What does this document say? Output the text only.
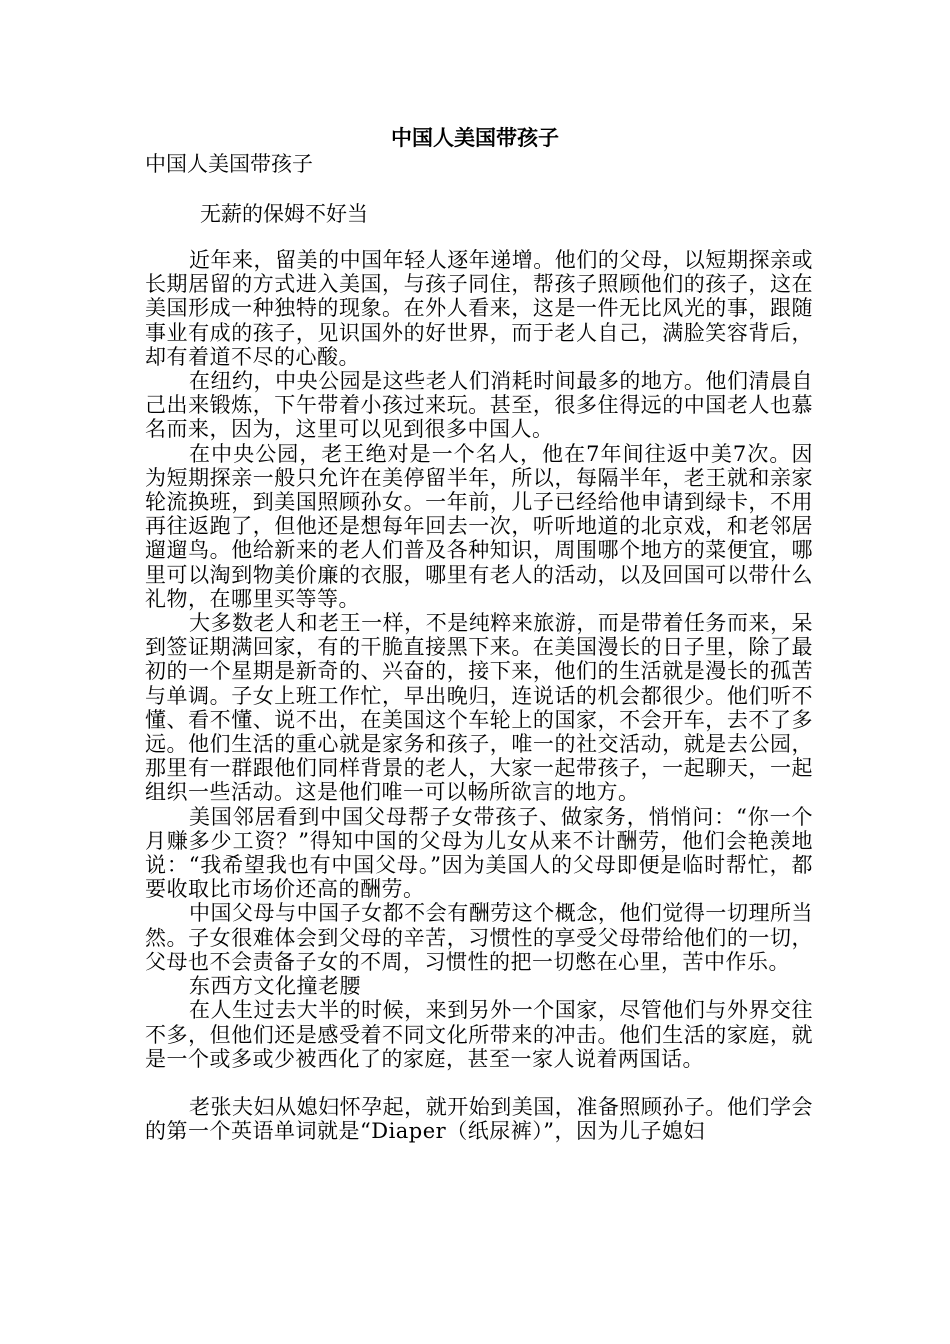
中国人美国带孩子
中国人美国带孩子
无薪的保姆不好当

近年来，留美的中国年轻人逐年递增。他们的父母，以短期探亲或长期居留的方式进入美国，与孩子同住，帮孩子照顾他们的孩子，这在美国形成一种独特的现象。在外人看来，这是一件无比风光的事，跟随事业有成的孩子，见识国外的好世界，而于老人自己，满脸笑容背后，却有着道不尽的心酸。

在纽约，中央公园是这些老人们消耗时间最多的地方。他们清晨自己出来锻炼，下午带着小孩过来玩。甚至，很多住得远的中国老人也慕名而来，因为，这里可以见到很多中国人。

在中央公园，老王绝对是一个名人，他在7年间往返中美7次。因为短期探亲一般只允许在美停留半年，所以，每隔半年，老王就和亲家轮流换班，到美国照顾孙女。一年前，儿子已经给他申请到绿卡，不用再往返跑了，但他还是想每年回去一次，听听地道的北京戏，和老邻居遛遛鸟。他给新来的老人们普及各种知识，周围哪个地方的菜便宜，哪里可以淘到物美价廉的衣服，哪里有老人的活动，以及回国可以带什么礼物，在哪里买等等。

大多数老人和老王一样，不是纯粹来旅游，而是带着任务而来，呆到签证期满回家，有的干脆直接黑下来。在美国漫长的日子里，除了最初的一个星期是新奇的、兴奋的，接下来，他们的生活就是漫长的孤苦与单调。子女上班工作忙，早出晚归，连说话的机会都很少。他们听不懂、看不懂、说不出，在美国这个车轮上的国家，不会开车，去不了多远。他们生活的重心就是家务和孩子，唯一的社交活动，就是去公园，那里有一群跟他们同样背景的老人，大家一起带孩子，一起聊天，一起组织一些活动。这是他们唯一可以畅所欲言的地方。

美国邻居看到中国父母帮子女带孩子、做家务，悄悄问：“你一个月赚多少工资？”得知中国的父母为儿女从来不计酬劳，他们会艳羡地说：“我希望我也有中国父母。”因为美国人的父母即便是临时帮忙，都要收取比市场价还高的酬劳。

中国父母与中国子女都不会有酬劳这个概念，他们觉得一切理所当然。子女很难体会到父母的辛苦，习惯性的享受父母带给他们的一切，父母也不会责备子女的不周，习惯性的把一切憋在心里，苦中作乐。

东西方文化撞老腰

在人生过去大半的时候，来到另外一个国家，尽管他们与外界交往不多，但他们还是感受着不同文化所带来的冲击。他们生活的家庭，就是一个或多或少被西化了的家庭，甚至一家人说着两国话。

老张夫妇从媳妇怀孕起，就开始到美国，准备照顾孙子。他们学会的第一个英语单词就是“Diaper（纸尿裤）”，因为儿子媳妇
